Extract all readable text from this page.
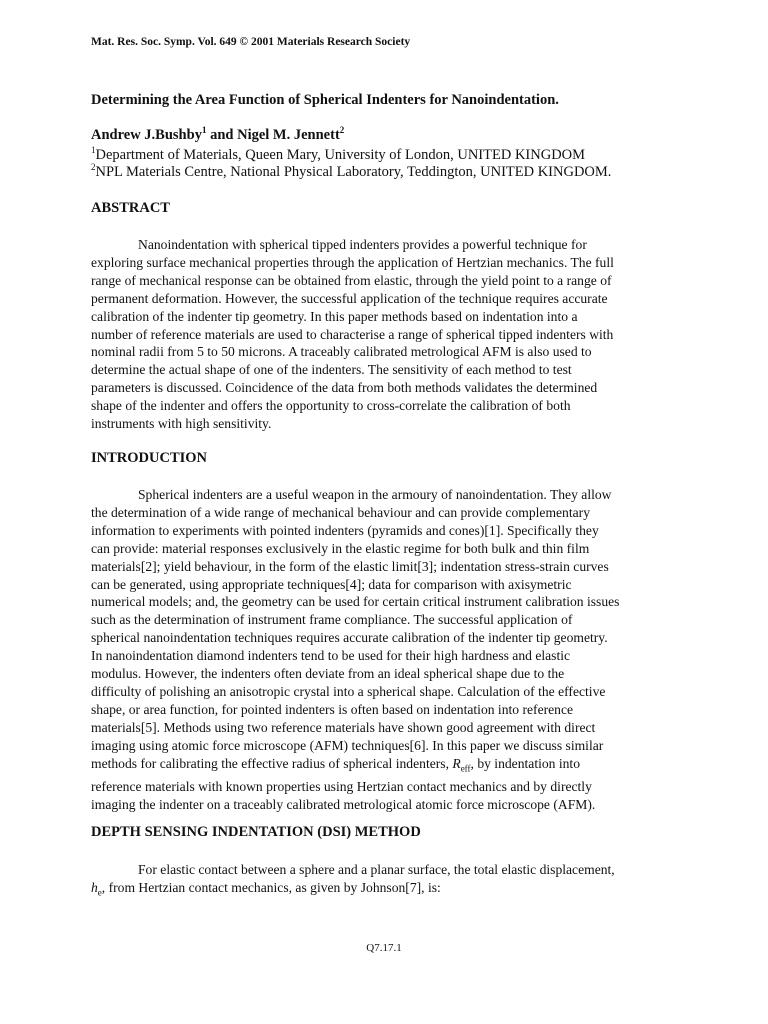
Mat. Res. Soc. Symp. Vol. 649 © 2001 Materials Research Society
Determining the Area Function of Spherical Indenters for Nanoindentation.
Andrew J.Bushby$^1$ and Nigel M. Jennett$^2$
$^1$Department of Materials, Queen Mary, University of London, UNITED KINGDOM
$^2$NPL Materials Centre, National Physical Laboratory, Teddington, UNITED KINGDOM.
ABSTRACT
Nanoindentation with spherical tipped indenters provides a powerful technique for
exploring surface mechanical properties through the application of Hertzian mechanics. The full
range of mechanical response can be obtained from elastic, through the yield point to a range of
permanent deformation. However, the successful application of the technique requires accurate
calibration of the indenter tip geometry. In this paper methods based on indentation into a
number of reference materials are used to characterise a range of spherical tipped indenters with
nominal radii from 5 to 50 microns. A traceably calibrated metrological AFM is also used to
determine the actual shape of one of the indenters. The sensitivity of each method to test
parameters is discussed. Coincidence of the data from both methods validates the determined
shape of the indenter and offers the opportunity to cross-correlate the calibration of both
instruments with high sensitivity.
INTRODUCTION
Spherical indenters are a useful weapon in the armoury of nanoindentation. They allow
the determination of a wide range of mechanical behaviour and can provide complementary
information to experiments with pointed indenters (pyramids and cones)[1]. Specifically they
can provide: material responses exclusively in the elastic regime for both bulk and thin film
materials[2]; yield behaviour, in the form of the elastic limit[3]; indentation stress-strain curves
can be generated, using appropriate techniques[4]; data for comparison with axisymetric
numerical models; and, the geometry can be used for certain critical instrument calibration issues
such as the determination of instrument frame compliance. The successful application of
spherical nanoindentation techniques requires accurate calibration of the indenter tip geometry.
In nanoindentation diamond indenters tend to be used for their high hardness and elastic
modulus. However, the indenters often deviate from an ideal spherical shape due to the
difficulty of polishing an anisotropic crystal into a spherical shape. Calculation of the effective
shape, or area function, for pointed indenters is often based on indentation into reference
materials[5]. Methods using two reference materials have shown good agreement with direct
imaging using atomic force microscope (AFM) techniques[6]. In this paper we discuss similar
methods for calibrating the effective radius of spherical indenters, $R_{eff}$, by indentation into
reference materials with known properties using Hertzian contact mechanics and by directly
imaging the indenter on a traceably calibrated metrological atomic force microscope (AFM).
DEPTH SENSING INDENTATION (DSI) METHOD
For elastic contact between a sphere and a planar surface, the total elastic displacement,
$h_e$, from Hertzian contact mechanics, as given by Johnson[7], is:
Q7.17.1
